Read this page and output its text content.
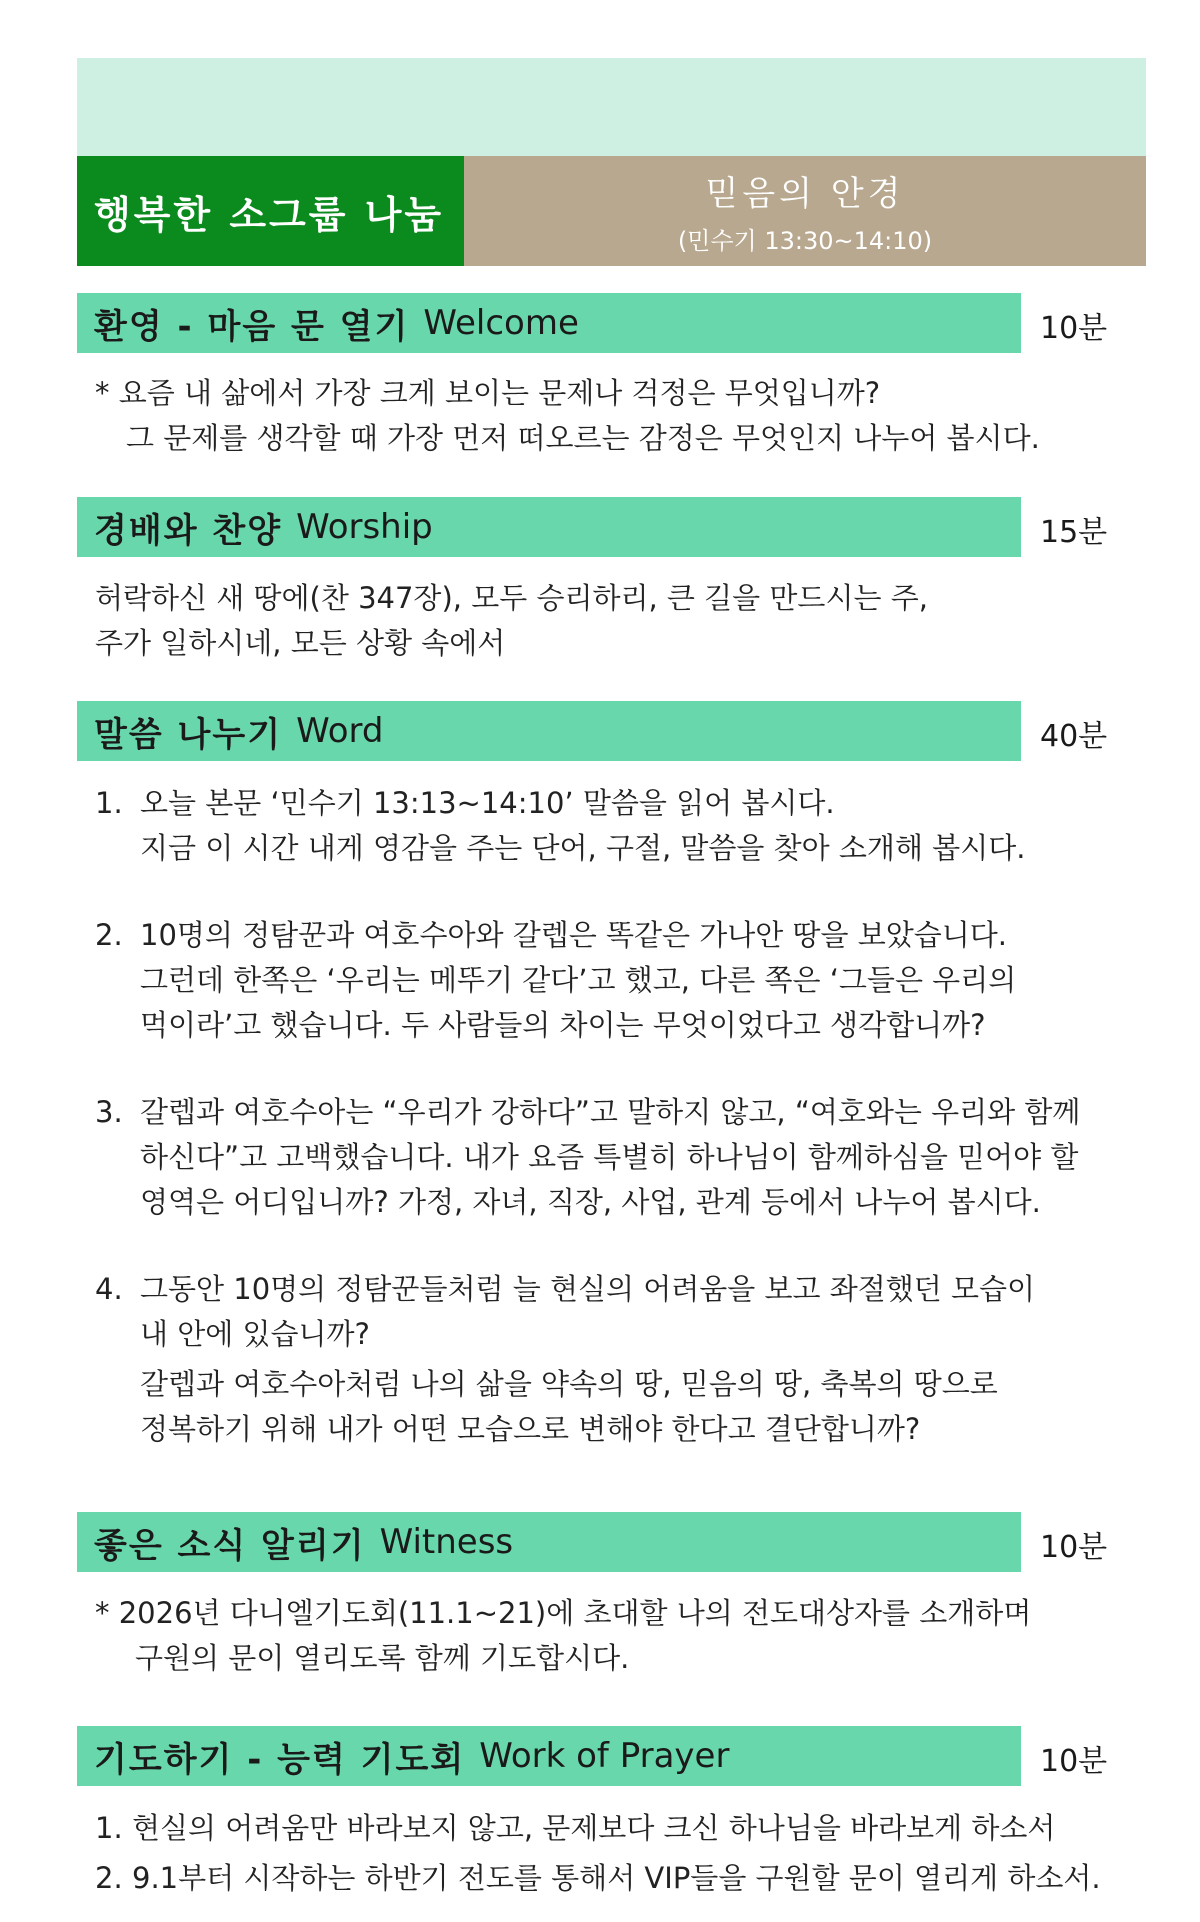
행복한 소그룹 나눔	믿음의 안경
(민수기 13:30~14:10)
환영 - 마음 문 열기 Welcome	10분
* 요즘 내 삶에서 가장 크게 보이는 문제나 걱정은 무엇입니까?
그 문제를 생각할 때 가장 먼저 떠오르는 감정은 무엇인지 나누어 봅시다.
경배와 찬양 Worship	15분
허락하신 새 땅에(찬 347장), 모두 승리하리, 큰 길을 만드시는 주,
주가 일하시네, 모든 상황 속에서
말씀 나누기 Word	40분
1. 오늘 본문 ‘민수기 13:13~14:10’ 말씀을 읽어 봅시다.
지금 이 시간 내게 영감을 주는 단어, 구절, 말씀을 찾아 소개해 봅시다.
2. 10명의 정탐꾼과 여호수아와 갈렙은 똑같은 가나안 땅을 보았습니다.
그런데 한쪽은 ‘우리는 메뚜기 같다’고 했고, 다른 쪽은 ‘그들은 우리의
먹이라’고 했습니다. 두 사람들의 차이는 무엇이었다고 생각합니까?
3. 갈렙과 여호수아는 “우리가 강하다”고 말하지 않고, “여호와는 우리와 함께
하신다”고 고백했습니다. 내가 요즘 특별히 하나님이 함께하심을 믿어야 할
영역은 어디입니까? 가정, 자녀, 직장, 사업, 관계 등에서 나누어 봅시다.
4. 그동안 10명의 정탐꾼들처럼 늘 현실의 어려움을 보고 좌절했던 모습이
내 안에 있습니까?
갈렙과 여호수아처럼 나의 삶을 약속의 땅, 믿음의 땅, 축복의 땅으로
정복하기 위해 내가 어떤 모습으로 변해야 한다고 결단합니까?
좋은 소식 알리기 Witness	10분
* 2026년 다니엘기도회(11.1~21)에 초대할 나의 전도대상자를 소개하며
구원의 문이 열리도록 함께 기도합시다.
기도하기 - 능력 기도회 Work of Prayer	10분
1. 현실의 어려움만 바라보지 않고, 문제보다 크신 하나님을 바라보게 하소서
2. 9.1부터 시작하는 하반기 전도를 통해서 VIP들을 구원할 문이 열리게 하소서.
